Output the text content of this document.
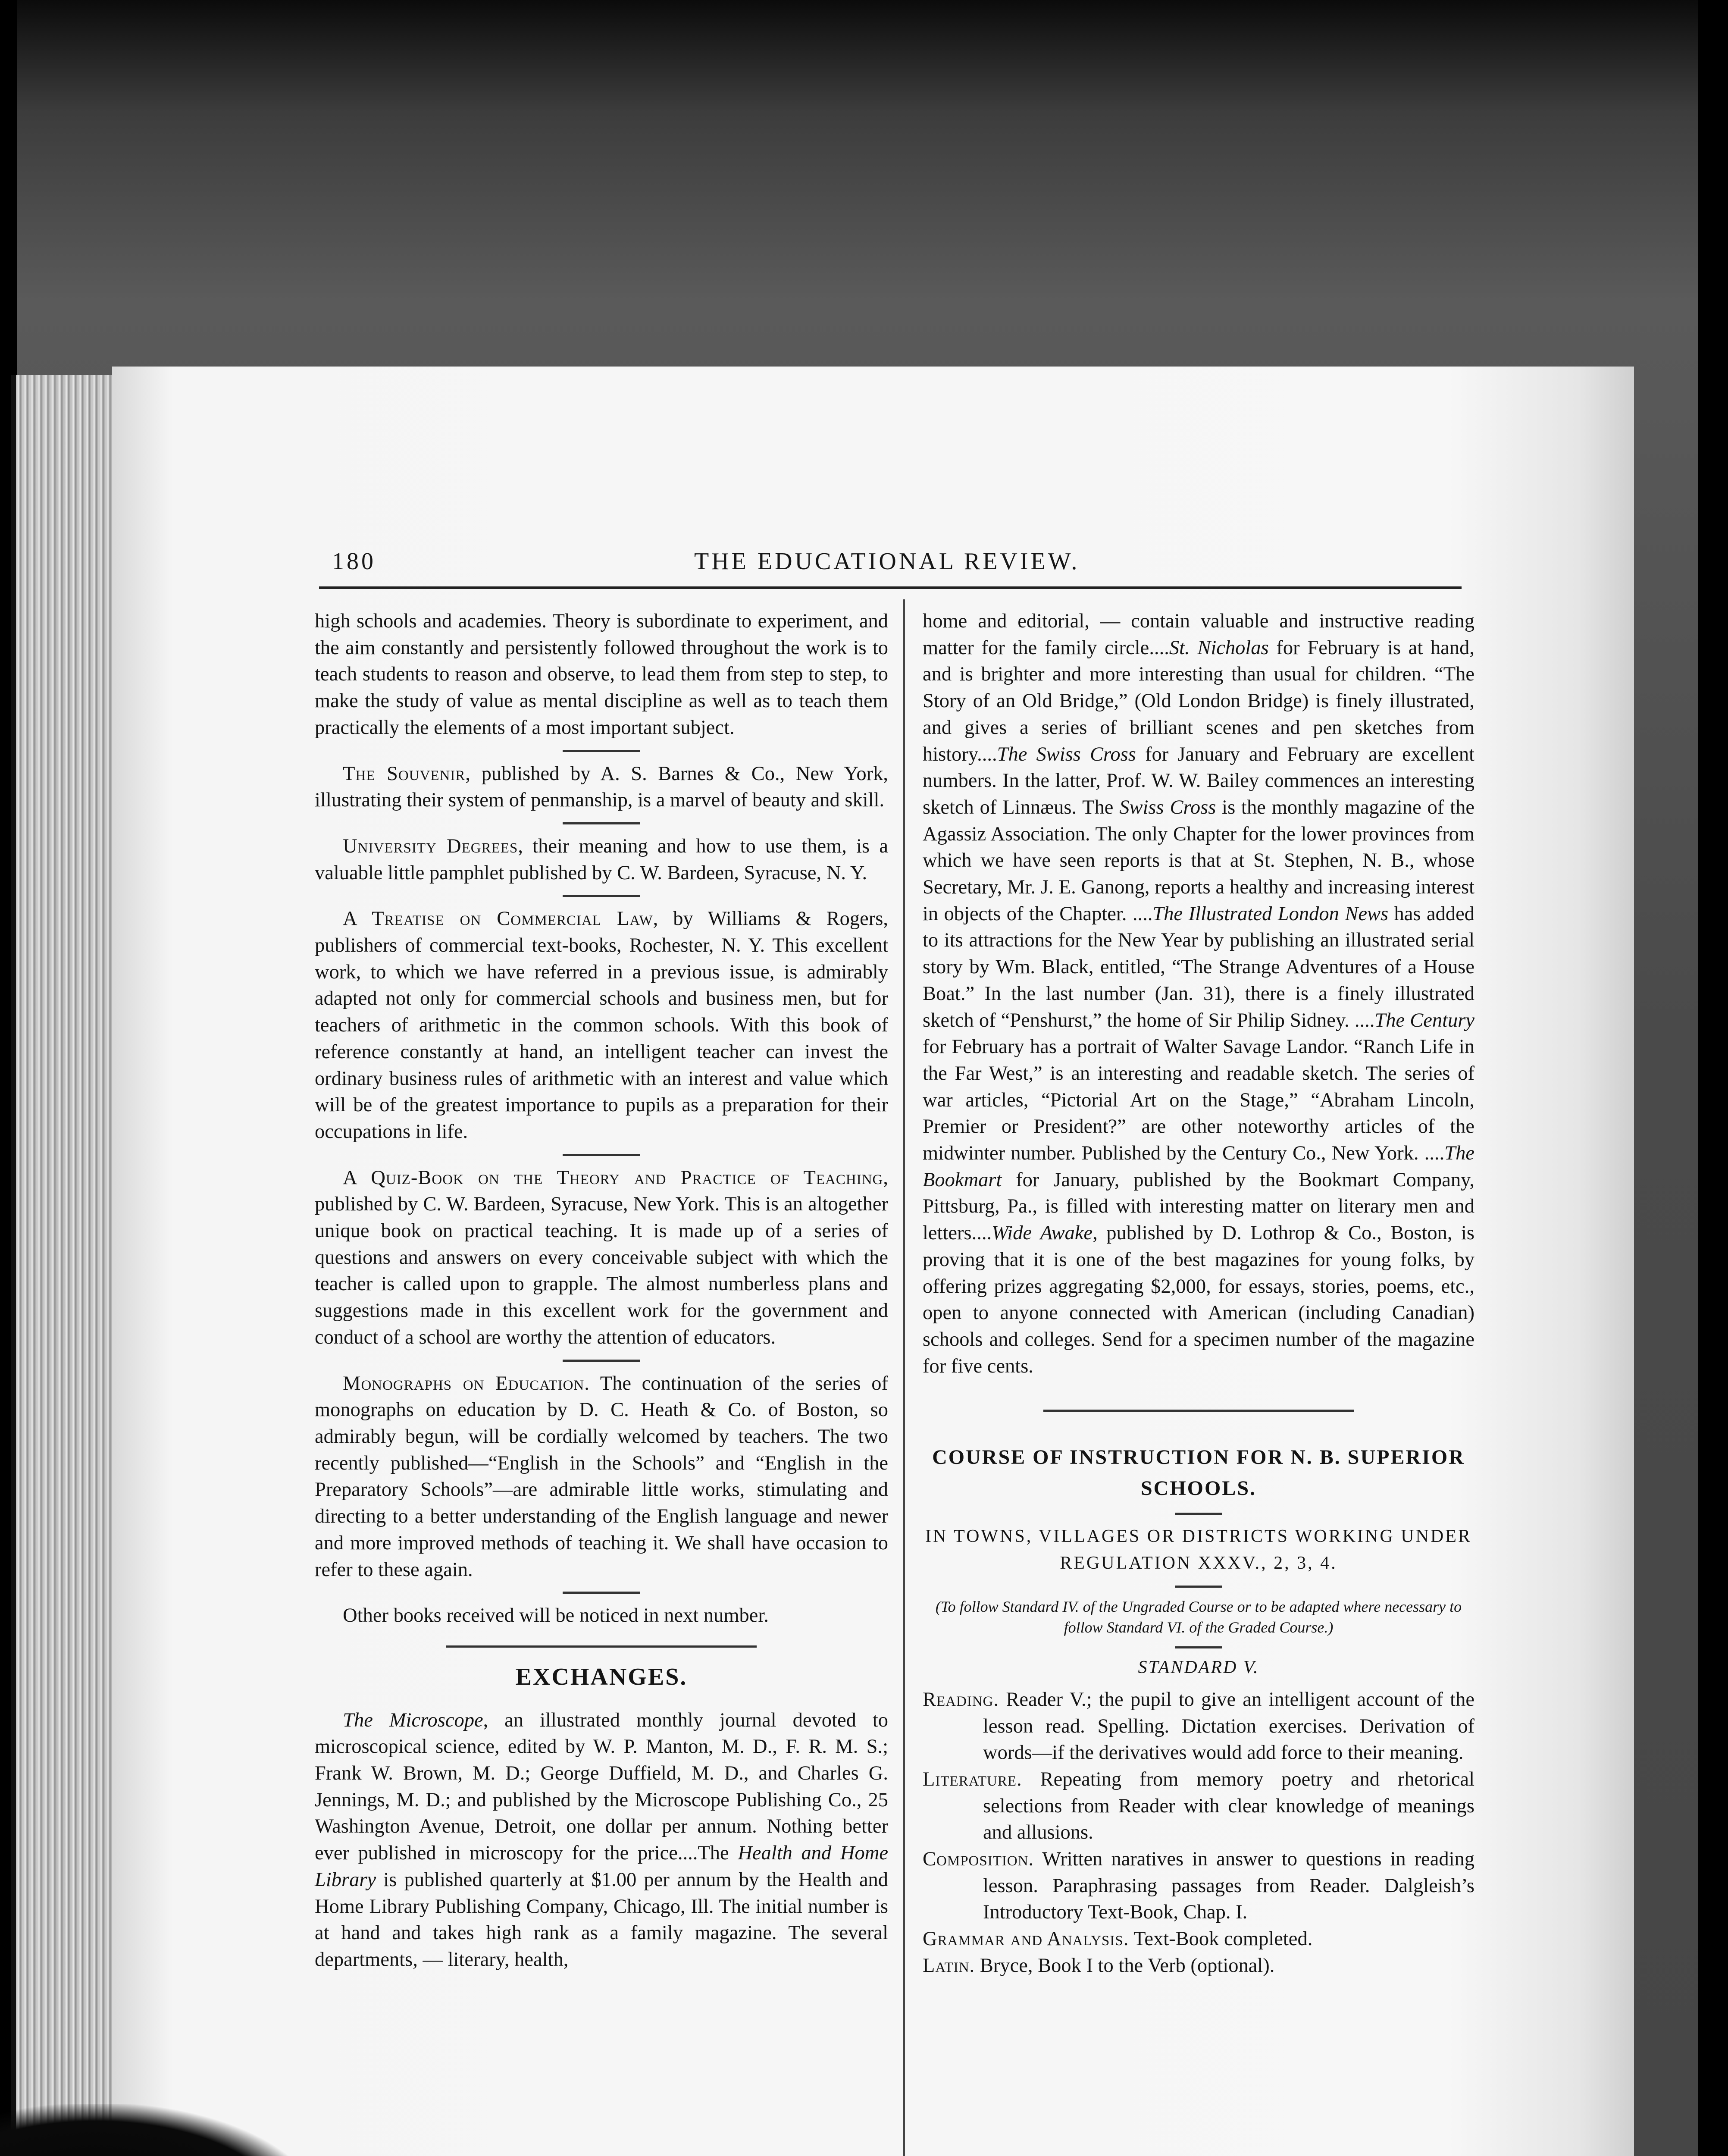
180	THE EDUCATIONAL REVIEW.

high schools and academies. Theory is subordinate to experiment, and the aim constantly and persistently followed throughout the work is to teach students to reason and observe, to lead them from step to step, to make the study of value as mental discipline as well as to teach them practically the elements of a most important subject.

The Souvenir, published by A. S. Barnes & Co., New York, illustrating their system of penmanship, is a marvel of beauty and skill.

University Degrees, their meaning and how to use them, is a valuable little pamphlet published by C. W. Bardeen, Syracuse, N. Y.

A Treatise on Commercial Law, by Williams & Rogers, publishers of commercial text-books, Rochester, N. Y. This excellent work, to which we have referred in a previous issue, is admirably adapted not only for commercial schools and business men, but for teachers of arithmetic in the common schools. With this book of reference constantly at hand, an intelligent teacher can invest the ordinary business rules of arithmetic with an interest and value which will be of the greatest importance to pupils as a preparation for their occupations in life.

A Quiz-Book on the Theory and Practice of Teaching, published by C. W. Bardeen, Syracuse, New York. This is an altogether unique book on practical teaching. It is made up of a series of questions and answers on every conceivable subject with which the teacher is called upon to grapple. The almost numberless plans and suggestions made in this excellent work for the government and conduct of a school are worthy the attention of educators.

Monographs on Education. The continuation of the series of monographs on education by D. C. Heath & Co. of Boston, so admirably begun, will be cordially welcomed by teachers. The two recently published—“English in the Schools” and “English in the Preparatory Schools”—are admirable little works, stimulating and directing to a better understanding of the English language and newer and more improved methods of teaching it. We shall have occasion to refer to these again.

Other books received will be noticed in next number.

EXCHANGES.

The Microscope, an illustrated monthly journal devoted to microscopical science, edited by W. P. Manton, M. D., F. R. M. S.; Frank W. Brown, M. D.; George Duffield, M. D., and Charles G. Jennings, M. D.; and published by the Microscope Publishing Co., 25 Washington Avenue, Detroit, one dollar per annum. Nothing better ever published in microscopy for the price....The Health and Home Library is published quarterly at $1.00 per annum by the Health and Home Library Publishing Company, Chicago, Ill. The initial number is at hand and takes high rank as a family magazine. The several departments, — literary, health,

home and editorial, — contain valuable and instructive reading matter for the family circle....St. Nicholas for February is at hand, and is brighter and more interesting than usual for children. “The Story of an Old Bridge,” (Old London Bridge) is finely illustrated, and gives a series of brilliant scenes and pen sketches from history....The Swiss Cross for January and February are excellent numbers. In the latter, Prof. W. W. Bailey commences an interesting sketch of Linnæus. The Swiss Cross is the monthly magazine of the Agassiz Association. The only Chapter for the lower provinces from which we have seen reports is that at St. Stephen, N. B., whose Secretary, Mr. J. E. Ganong, reports a healthy and increasing interest in objects of the Chapter. ....The Illustrated London News has added to its attractions for the New Year by publishing an illustrated serial story by Wm. Black, entitled, “The Strange Adventures of a House Boat.” In the last number (Jan. 31), there is a finely illustrated sketch of “Penshurst,” the home of Sir Philip Sidney. ....The Century for February has a portrait of Walter Savage Landor. “Ranch Life in the Far West,” is an interesting and readable sketch. The series of war articles, “Pictorial Art on the Stage,” “Abraham Lincoln, Premier or President?” are other noteworthy articles of the midwinter number. Published by the Century Co., New York. ....The Bookmart for January, published by the Bookmart Company, Pittsburg, Pa., is filled with interesting matter on literary men and letters....Wide Awake, published by D. Lothrop & Co., Boston, is proving that it is one of the best magazines for young folks, by offering prizes aggregating $2,000, for essays, stories, poems, etc., open to anyone connected with American (including Canadian) schools and colleges. Send for a specimen number of the magazine for five cents.

COURSE OF INSTRUCTION FOR N. B. SUPERIOR
SCHOOLS.
IN TOWNS, VILLAGES OR DISTRICTS WORKING UNDER
REGULATION XXXV., 2, 3, 4.
(To follow Standard IV. of the Ungraded Course or to be adapted where necessary to follow Standard VI. of the Graded Course.)
STANDARD V.
Reading. Reader V.; the pupil to give an intelligent account of the lesson read. Spelling. Dictation exercises. Derivation of words—if the derivatives would add force to their meaning.
Literature. Repeating from memory poetry and rhetorical selections from Reader with clear knowledge of meanings and allusions.
Composition. Written naratives in answer to questions in reading lesson. Paraphrasing passages from Reader. Dalgleish’s Introductory Text-Book, Chap. I.
Grammar and Analysis. Text-Book completed.
Latin. Bryce, Book I to the Verb (optional).
